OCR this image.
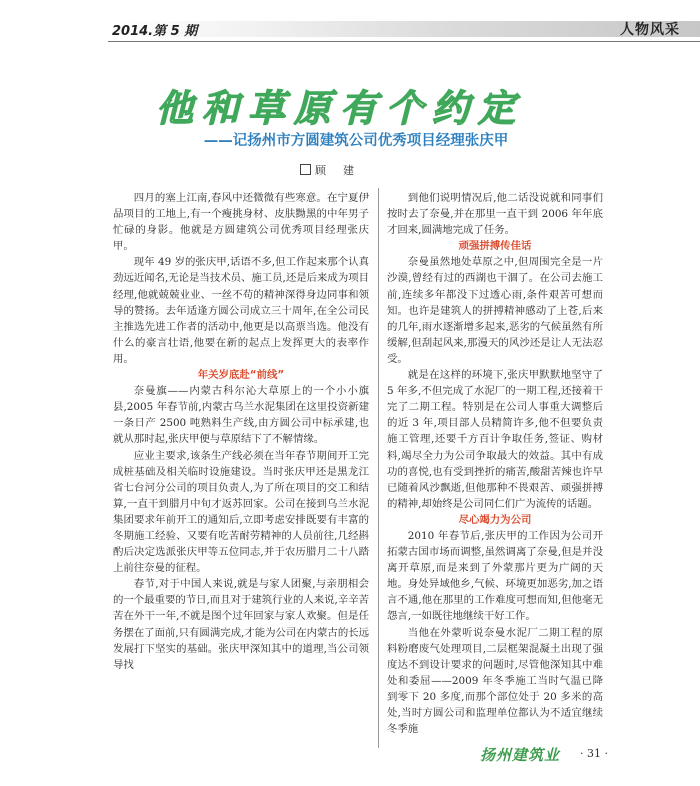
2014.第 5 期	人物风采
他和草原有个约定
——记扬州市方圆建筑公司优秀项目经理张庆甲
顾　建

四月的塞上江南,春风中还微微有些寒意。在宁夏伊品项目的工地上,有一个瘦挑身材、皮肤黝黑的中年男子忙碌的身影。他就是方圆建筑公司优秀项目经理张庆甲。

现年 49 岁的张庆甲,话语不多,但工作起来那个认真劲远近闻名,无论是当技术员、施工员,还是后来成为项目经理,他就兢兢业业、一丝不苟的精神深得身边同事和领导的赞扬。去年适逢方圆公司成立三十周年,在全公司民主推选先进工作者的活动中,他更是以高票当选。他没有什么的豪言壮语,他要在新的起点上发挥更大的表率作用。

年关岁底赴“前线”

奈曼旗——内蒙古科尔沁大草原上的一个小小旗县,2005 年春节前,内蒙古乌兰水泥集团在这里投资新建一条日产 2500 吨熟料生产线,由方圆公司中标承建,也就从那时起,张庆甲便与草原结下了不解情缘。

应业主要求,该条生产线必须在当年春节期间开工完成桩基础及相关临时设施建设。当时张庆甲还是黑龙江省七台河分公司的项目负责人,为了所在项目的交工和结算,一直干到腊月中旬才返苏回家。公司在接到乌兰水泥集团要求年前开工的通知后,立即考虑安排既要有丰富的冬期施工经验、又要有吃苦耐劳精神的人员前往,几经斟酌后决定选派张庆甲等五位同志,并于农历腊月二十八踏上前往奈曼的征程。

春节,对于中国人来说,就是与家人团聚,与亲朋相会的一个最重要的节日,而且对于建筑行业的人来说,辛辛苦苦在外干一年,不就是图个过年回家与家人欢聚。但是任务摆在了面前,只有圆满完成,才能为公司在内蒙古的长远发展打下坚实的基础。张庆甲深知其中的道理,当公司领导找

到他们说明情况后,他二话没说就和同事们按时去了奈曼,并在那里一直干到 2006 年年底才回来,圆满地完成了任务。

顽强拼搏传佳话

奈曼虽然地处草原之中,但周围完全是一片沙漠,曾经有过的西湖也干涸了。在公司去施工前,连续多年都没下过透心雨,条件艰苦可想而知。也许是建筑人的拼搏精神感动了上苍,后来的几年,雨水逐渐增多起来,恶劣的气候虽然有所缓解,但刮起风来,那漫天的风沙还是让人无法忍受。

就是在这样的环境下,张庆甲默默地坚守了 5 年多,不但完成了水泥厂的一期工程,还接着干完了二期工程。特别是在公司人事重大调整后的近 3 年,项目部人员精简许多,他不但要负责施工管理,还要千方百计争取任务,签证、购材料,竭尽全力为公司争取最大的效益。其中有成功的喜悦,也有受到挫折的痛苦,酸甜苦辣也许早已随着风沙飘逝,但他那种不畏艰苦、顽强拼搏的精神,却始终是公司同仁们广为流传的话题。

尽心竭力为公司

2010 年春节后,张庆甲的工作因为公司开拓蒙古国市场而调整,虽然调离了奈曼,但是并没离开草原,而是来到了外蒙那片更为广阔的天地。身处异域他乡,气候、环境更加恶劣,加之语言不通,他在那里的工作难度可想而知,但他毫无怨言,一如既往地继续干好工作。

当他在外蒙听说奈曼水泥厂二期工程的原料粉磨废气处理项目,二层框架混凝土出现了强度达不到设计要求的问题时,尽管他深知其中难处和委屈——2009 年冬季施工当时气温已降到零下 20 多度,而那个部位处于 20 多米的高处,当时方圆公司和监理单位都认为不适宜继续冬季施

扬州建筑业 · 31 ·
